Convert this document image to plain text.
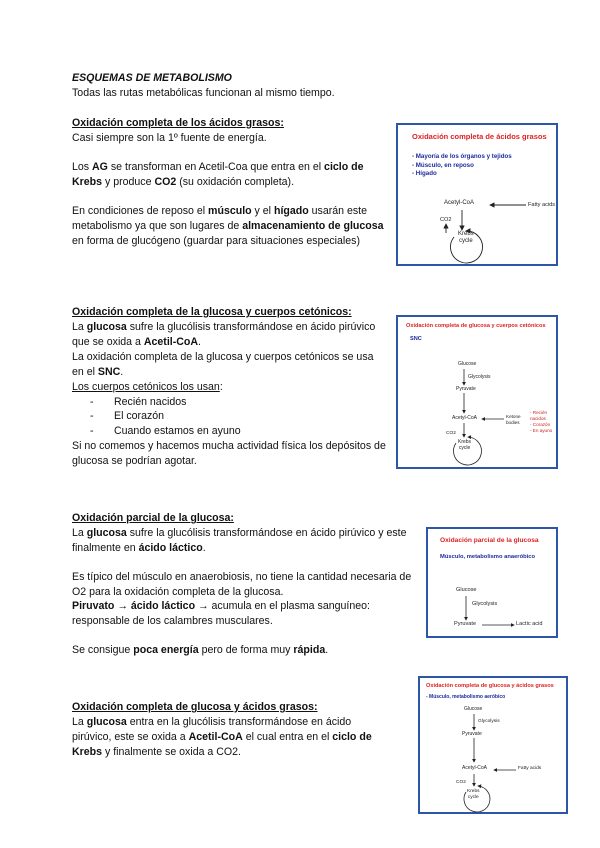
ESQUEMAS DE METABOLISMO
Todas las rutas metabólicas funcionan al mismo tiempo.
Oxidación completa de los ácidos grasos:
Casi siempre son la 1º fuente de energía.
Los AG se transforman en Acetil-Coa que entra en el ciclo de
Krebs y produce CO2 (su oxidación completa).
En condiciones de reposo el músculo y el hígado usarán este metabolismo ya que son lugares de almacenamiento de glucosa en forma de glucógeno (guardar para situaciones especiales)
Oxidación completa de ácidos grasos
- Mayoría de los órganos y tejidos
- Músculo, en reposo
- Hígado
Acetyl-CoA	Fatty acids
CO2
Krebs
cycle
Oxidación completa de la glucosa y cuerpos cetónicos:
La glucosa sufre la glucólisis transformándose en ácido pirúvico que se oxida a Acetil-CoA.
La oxidación completa de la glucosa y cuerpos cetónicos se usa en el SNC.
Los cuerpos cetónicos los usan:
- Recién nacidos
- El corazón
- Cuando estamos en ayuno
Si no comemos y hacemos mucha actividad física los depósitos de glucosa se podrían agotar.
Oxidación completa de glucosa y cuerpos cetónicos
SNC
Glucose
Glycolysis
Pyruvate
Acetyl-CoA	Ketone
bodies
- Recién nacidos
- Corazón
- En ayuno
CO2
Krebs
cycle
Oxidación parcial de la glucosa:
La glucosa sufre la glucólisis transformándose en ácido pirúvico y este finalmente en ácido láctico.
Es típico del músculo en anaerobiosis, no tiene la cantidad necesaria de O2 para la oxidación completa de la glucosa.
Piruvato → ácido láctico → acumula en el plasma sanguíneo: responsable de los calambres musculares.
Se consigue poca energía pero de forma muy rápida.
Oxidación parcial de la glucosa
Músculo, metabolismo anaeróbico
Glucose
Glycolysis
Pyruvate	Lactic acid
Oxidación completa de glucosa y ácidos grasos:
La glucosa entra en la glucólisis transformándose en ácido pirúvico, este se oxida a Acetil-CoA el cual entra en el ciclo de
Krebs y finalmente se oxida a CO2.
Oxidación completa de glucosa y ácidos grasos
- Músculo, metabolismo aeróbico
Glucose
Glycolysis
Pyruvate
Acetyl-CoA	Fatty acids
CO2
Krebs
cycle
